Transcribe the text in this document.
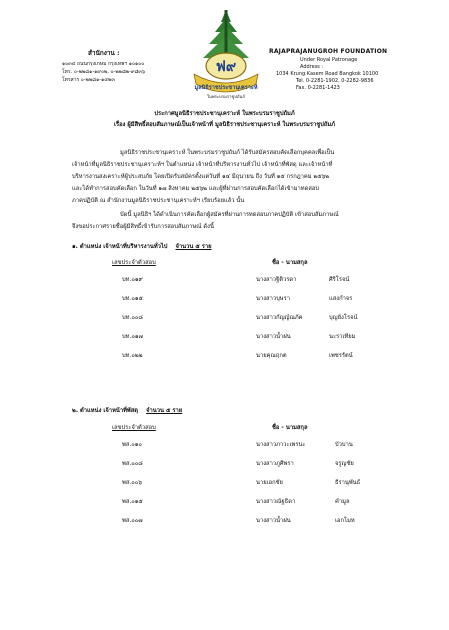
สำนักงาน :
๑๐๓๔ ถนนกรุงเกษม กรุงเทพฯ ๑๐๑๐๐
โทร. ๐-๒๒๘๑-๑๙๐๒, ๐-๒๒๘๒-๙๘๓๖
โทรสาร ๐-๒๒๘๑-๑๔๒๓
ฟ๙
มูลนิธิราชประชานุเคราะห์
ในพระบรมราชูปถัมภ์
RAJAPRAJANUGROH FOUNDATION
Under Royal Patronage
Address :
1034 Krung Kasem Road Bangkok 10100
Tel. 0-2281-1902, 0-2282-9836
Fax. 0-2281-1423
ประกาศมูลนิธิราชประชานุเคราะห์ ในพระบรมราชูปถัมภ์
เรื่อง ผู้มีสิทธิ์สอบสัมภาษณ์เป็นเจ้าหน้าที่ มูลนิธิราชประชานุเคราะห์ ในพระบรมราชูปถัมภ์
มูลนิธิราชประชานุเคราะห์ ในพระบรมราชูปถัมภ์ ได้รับสมัครสอบคัดเลือกบุคคลเพื่อเป็น
เจ้าหน้าที่มูลนิธิราชประชานุเคราะห์ฯ ในตำแหน่ง เจ้าหน้าที่บริหารงานทั่วไป เจ้าหน้าที่พัสดุ และเจ้าหน้าที่
บริหารงานสงเคราะห์ผู้ประสบภัย โดยเปิดรับสมัครตั้งแต่วันที่ ๑๔ มิถุนายน ถึง วันที่ ๑๕ กรกฎาคม ๒๕๖๒
และได้ทำการสอบคัดเลือก ในวันที่ ๑๗ สิงหาคม ๒๕๖๒ และผู้ที่ผ่านการสอบคัดเลือกได้เข้ามาทดสอบ
ภาคปฏิบัติ ณ สำนักงานมูลนิธิราชประชานุเคราะห์ฯ เรียบร้อยแล้ว นั้น
บัดนี้ มูลนิธิฯ ได้ดำเนินการคัดเลือกผู้สมัครที่ผ่านการทดสอบภาคปฏิบัติ เข้าสอบสัมภาษณ์
จึงขอประกาศรายชื่อผู้มีสิทธิ์เข้ารับการสอบสัมภาษณ์ ดังนี้
๑. ตำแหน่ง เจ้าหน้าที่บริหารงานทั่วไป จำนวน ๕ ราย
เลขประจำตัวสอบ	ชื่อ - นามสกุล
บท.๐๑๙	นางสาวฐิติวรดา	ศิริโรจน์
บท.๐๑๕	นางสาวบุษรา	แสงกำจร
บท.๐๐๘	นางสาวกัญญ์ณภัค	บุญยังโรจน์
บท.๐๑๗	นางสาวน้ำฝน	นะราเทียม
บท.๐๒๒	นายคุณฤกต	เพชรรัตน์
๒. ตำแหน่ง เจ้าหน้าที่พัสดุ จำนวน ๕ ราย
เลขประจำตัวสอบ	ชื่อ - นามสกุล
พส.๐๑๐	นางสาวภาวะเพรนะ	บัวบาน
พส.๐๐๘	นางสาวภูศิพรา	จรูญชัย
พส.๐๐๖	นายเอกชัย	ธีรานุพันธ์
พส.๐๑๕	นางสาวณัฐธิดา	คำมูล
พส.๐๐๗	นางสาวน้ำฝน	เอกโมห
